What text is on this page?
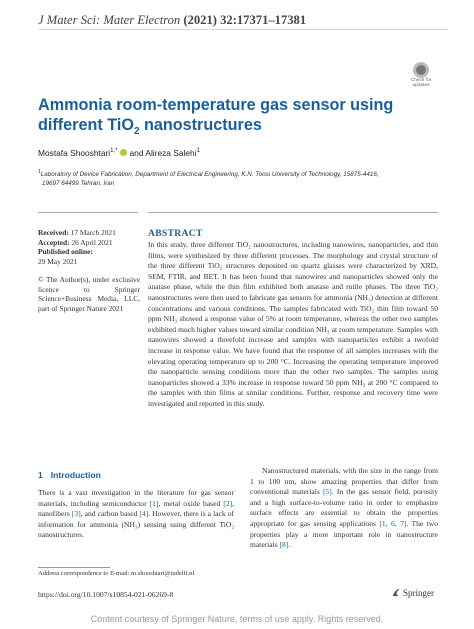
J Mater Sci: Mater Electron (2021) 32:17371–17381
Check for updates
Ammonia room-temperature gas sensor using different TiO$_2$ nanostructures
Mostafa Shooshtari$^{1,*}$ and Alireza Salehi$^1$
$^1$Laboratory of Device Fabrication, Department of Electrical Engineering, K.N. Toosi University of Technology, 15875-4416,
19697 64499 Tehran, Iran
Received: 17 March 2021
Accepted: 26 April 2021
Published online:
29 May 2021
© The Author(s), under exclusive licence to Springer Science+Business Media, LLC, part of Springer Nature 2021
ABSTRACT
In this study, three different TiO₂ nanostructures, including nanowires, nanoparticles, and thin films, were synthesized by three different processes. The morphology and crystal structure of the three different TiO₂ structures deposited on quartz glasses were characterized by XRD, SEM, FTIR, and BET. It has been found that nanowires and nanoparticles showed only the anatase phase, while the thin film exhibited both anatase and rutile phases. The three TiO₂ nanostructures were then used to fabricate gas sensors for ammonia (NH₃) detection at different concentrations and various conditions. The samples fabricated with TiO₂ thin film toward 50 ppm NH₃ showed a response value of 5% at room temperature, whereas the other two samples exhibited much higher values toward similar condition NH₃ at room temperature. Samples with nanowires showed a threefold increase and samples with nanoparticles exhibit a twofold increase in response value. We have found that the response of all samples increases with the elevating operating temperature up to 200 °C. Increasing the operating temperature improved the nanoparticle sensing conditions more than the other two samples. The samples using nanoparticles showed a 33% increase in response toward 50 ppm NH₃ at 200 °C compared to the samples with thin films at similar conditions. Further, response and recovery time were investigated and reported in this study.
1 Introduction
There is a vast investigation in the literature for gas sensor materials, including semiconductor [1], metal oxide based [2], nanofibers [3], and carbon based [4]. However, there is a lack of information for ammonia (NH₃) sensing using different TiO₂ nanostructures.
Nanostructured materials, with the size in the range from 1 to 100 nm, show amazing properties that differ from conventional materials [5]. In the gas sensor field, porosity and a high surface-to-volume ratio in order to emphasize surface effects are essential to obtain the properties appropriate for gas sensing applications [1, 6, 7]. The two properties play a more important role in nanostructure materials [8].
Address correspondence to E-mail: m.shooshtari@tudelft.nl
https://doi.org/10.1007/s10854-021-06269-8	Springer
Content courtesy of Springer Nature, terms of use apply. Rights reserved.
